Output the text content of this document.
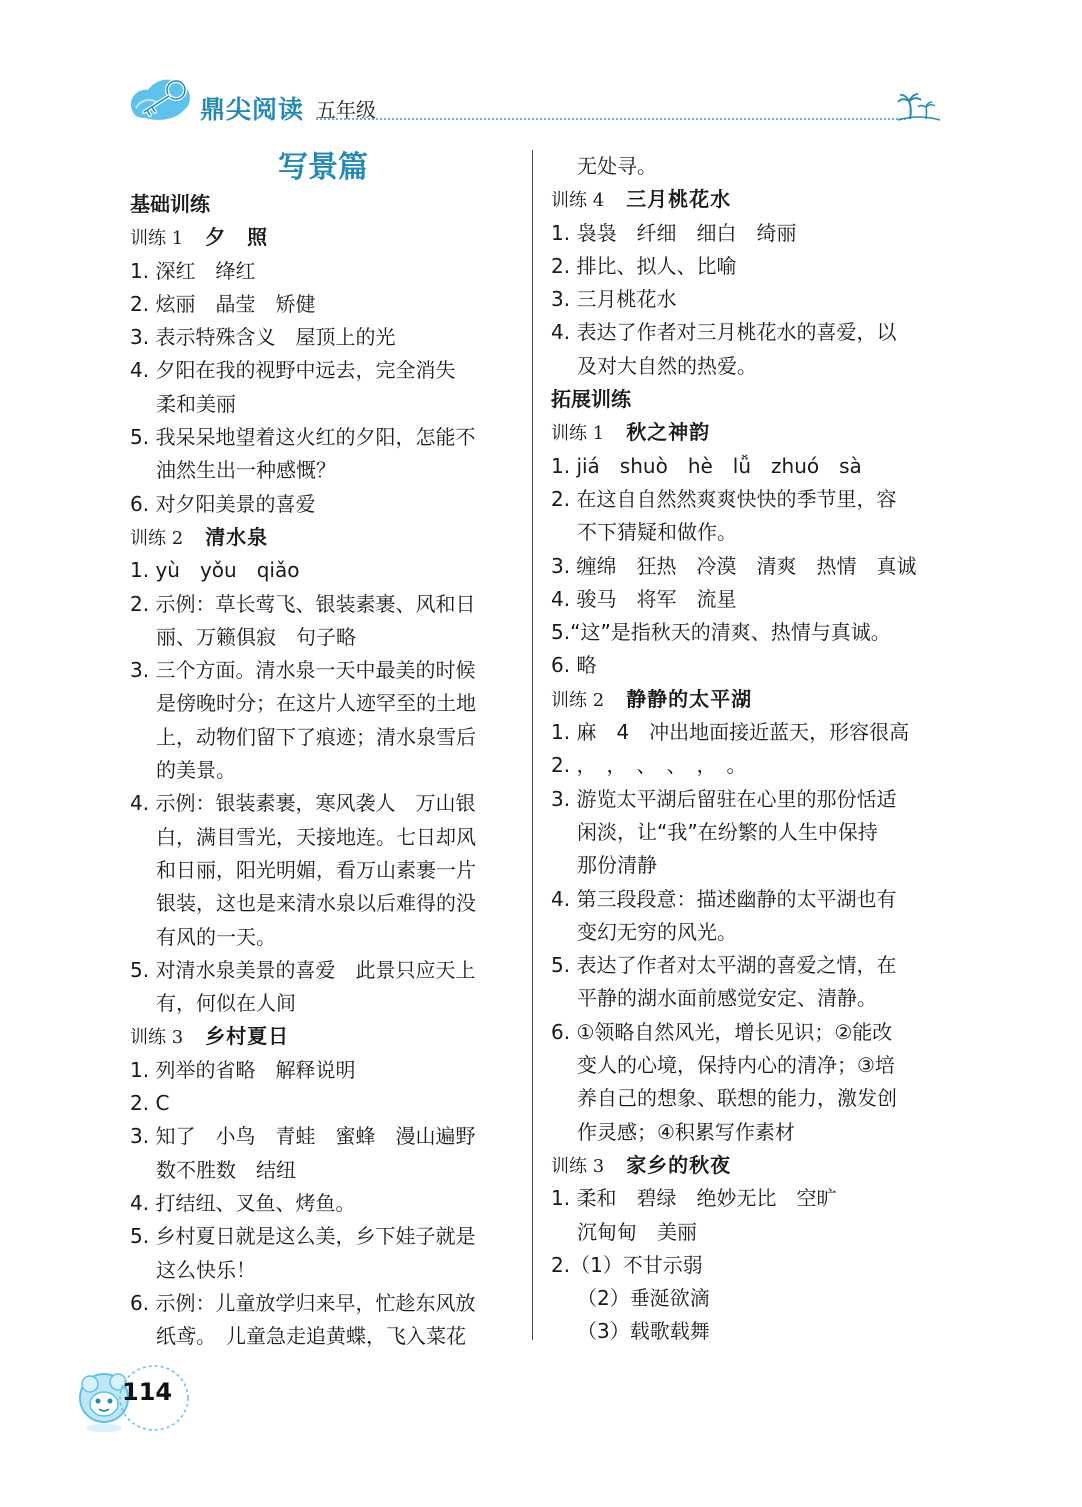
鼎尖阅读 五年级
写景篇
基础训练
训练 1 夕　照
1. 深红　绛红
2. 炫丽　晶莹　矫健
3. 表示特殊含义　屋顶上的光
4. 夕阳在我的视野中远去，完全消失
柔和美丽
5. 我呆呆地望着这火红的夕阳，怎能不
油然生出一种感慨？
6. 对夕阳美景的喜爱
训练 2 清水泉
1. yù　yǒu　qiǎo
2. 示例：草长莺飞、银装素裹、风和日
丽、万籁俱寂　句子略
3. 三个方面。清水泉一天中最美的时候
是傍晚时分；在这片人迹罕至的土地
上，动物们留下了痕迹；清水泉雪后
的美景。
4. 示例：银装素裹，寒风袭人　万山银
白，满目雪光，天接地连。七日却风
和日丽，阳光明媚，看万山素裹一片
银装，这也是来清水泉以后难得的没
有风的一天。
5. 对清水泉美景的喜爱　此景只应天上
有，何似在人间
训练 3 乡村夏日
1. 列举的省略　解释说明
2. C
3. 知了　小鸟　青蛙　蜜蜂　漫山遍野
数不胜数　结纽
4. 打结纽、叉鱼、烤鱼。
5. 乡村夏日就是这么美，乡下娃子就是
这么快乐！
6. 示例：儿童放学归来早，忙趁东风放
纸鸢。　儿童急走追黄蝶，飞入菜花
无处寻。
训练 4 三月桃花水
1. 袅袅　纤细　细白　绮丽
2. 排比、拟人、比喻
3. 三月桃花水
4. 表达了作者对三月桃花水的喜爱，以
及对大自然的热爱。
拓展训练
训练 1 秋之神韵
1. jiá　shuò　hè　lǚ　zhuó　sà
2. 在这自自然然爽爽快快的季节里，容
不下猜疑和做作。
3. 缠绵　狂热　冷漠　清爽　热情　真诚
4. 骏马　将军　流星
5.“这”是指秋天的清爽、热情与真诚。
6. 略
训练 2 静静的太平湖
1. 麻　4　冲出地面接近蓝天，形容很高
2. ，　，　、　、　，　。
3. 游览太平湖后留驻在心里的那份恬适
闲淡，让“我”在纷繁的人生中保持
那份清静
4. 第三段段意：描述幽静的太平湖也有
变幻无穷的风光。
5. 表达了作者对太平湖的喜爱之情，在
平静的湖水面前感觉安定、清静。
6. ①领略自然风光，增长见识；②能改
变人的心境，保持内心的清净；③培
养自己的想象、联想的能力，激发创
作灵感；④积累写作素材
训练 3 家乡的秋夜
1. 柔和　碧绿　绝妙无比　空旷
沉甸甸　美丽
2.（1）不甘示弱
（2）垂涎欲滴
（3）载歌载舞
114
